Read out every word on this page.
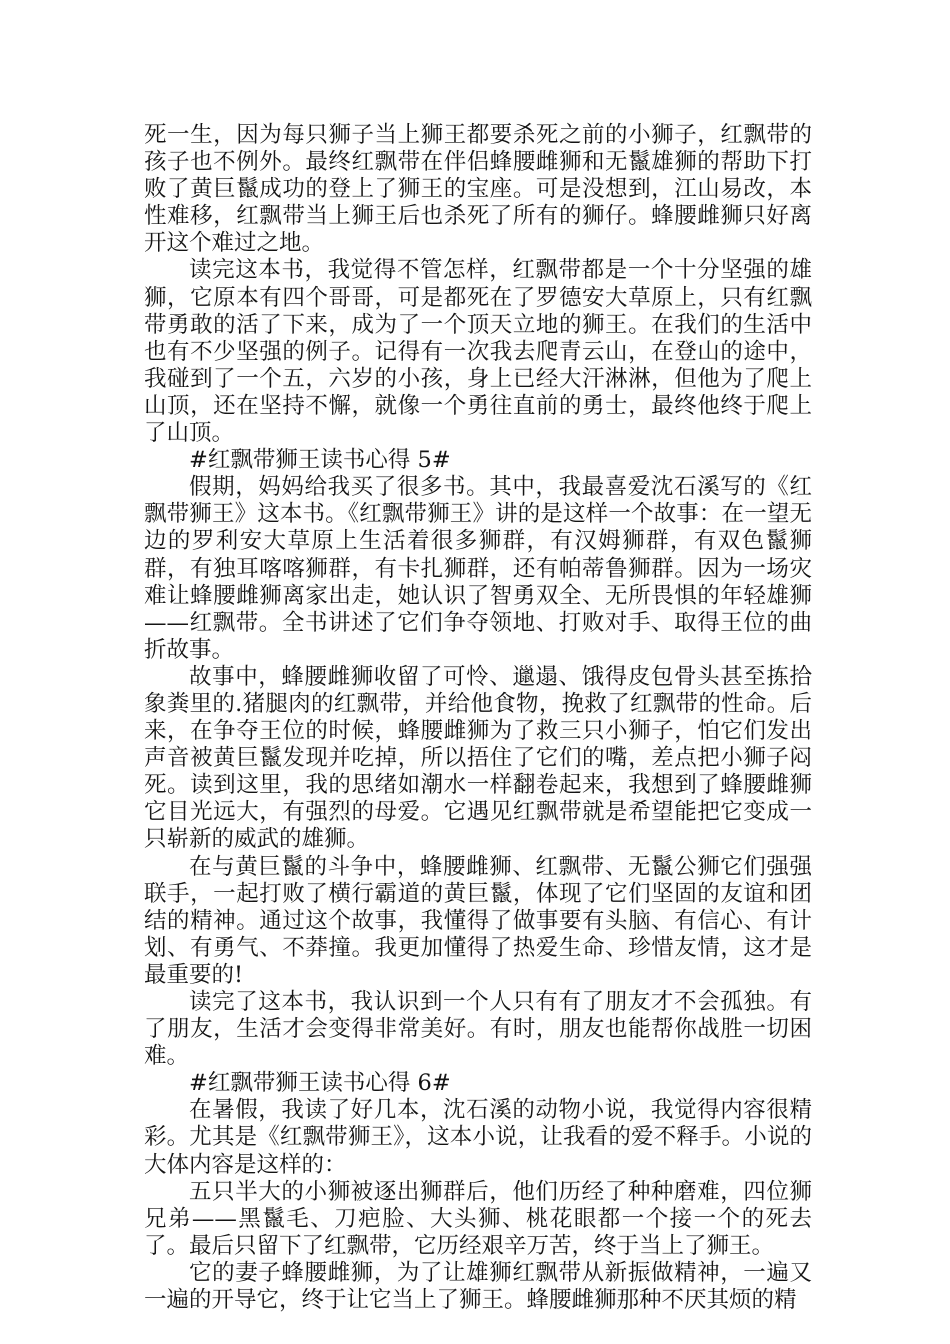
死一生，因为每只狮子当上狮王都要杀死之前的小狮子，红飘带的孩子也不例外。最终红飘带在伴侣蜂腰雌狮和无鬣雄狮的帮助下打败了黄巨鬣成功的登上了狮王的宝座。可是没想到，江山易改，本性难移，红飘带当上狮王后也杀死了所有的狮仔。蜂腰雌狮只好离开这个难过之地。

读完这本书，我觉得不管怎样，红飘带都是一个十分坚强的雄狮，它原本有四个哥哥，可是都死在了罗德安大草原上，只有红飘带勇敢的活了下来，成为了一个顶天立地的狮王。在我们的生活中也有不少坚强的例子。记得有一次我去爬青云山，在登山的途中，我碰到了一个五，六岁的小孩，身上已经大汗淋淋，但他为了爬上山顶，还在坚持不懈，就像一个勇往直前的勇士，最终他终于爬上了山顶。

#红飘带狮王读书心得 5#

假期，妈妈给我买了很多书。其中，我最喜爱沈石溪写的《红飘带狮王》这本书。《红飘带狮王》讲的是这样一个故事：在一望无边的罗利安大草原上生活着很多狮群，有汉姆狮群，有双色鬣狮群，有独耳喀喀狮群，有卡扎狮群，还有帕蒂鲁狮群。因为一场灾难让蜂腰雌狮离家出走，她认识了智勇双全、无所畏惧的年轻雄狮——红飘带。全书讲述了它们争夺领地、打败对手、取得王位的曲折故事。

故事中，蜂腰雌狮收留了可怜、邋遢、饿得皮包骨头甚至拣拾象粪里的.猪腿肉的红飘带，并给他食物，挽救了红飘带的性命。后来，在争夺王位的时候，蜂腰雌狮为了救三只小狮子，怕它们发出声音被黄巨鬣发现并吃掉，所以捂住了它们的嘴，差点把小狮子闷死。读到这里，我的思绪如潮水一样翻卷起来，我想到了蜂腰雌狮它目光远大，有强烈的母爱。它遇见红飘带就是希望能把它变成一只崭新的威武的雄狮。

在与黄巨鬣的斗争中，蜂腰雌狮、红飘带、无鬣公狮它们强强联手，一起打败了横行霸道的黄巨鬣，体现了它们坚固的友谊和团结的精神。通过这个故事，我懂得了做事要有头脑、有信心、有计划、有勇气、不莽撞。我更加懂得了热爱生命、珍惜友情，这才是最重要的!

读完了这本书，我认识到一个人只有有了朋友才不会孤独。有了朋友，生活才会变得非常美好。有时，朋友也能帮你战胜一切困难。

#红飘带狮王读书心得 6#

在暑假，我读了好几本，沈石溪的动物小说，我觉得内容很精彩。尤其是《红飘带狮王》，这本小说，让我看的爱不释手。小说的大体内容是这样的：

五只半大的小狮被逐出狮群后，他们历经了种种磨难，四位狮兄弟——黑鬣毛、刀疤脸、大头狮、桃花眼都一个接一个的死去了。最后只留下了红飘带，它历经艰辛万苦，终于当上了狮王。

它的妻子蜂腰雌狮，为了让雄狮红飘带从新振做精神，一遍又一遍的开导它，终于让它当上了狮王。蜂腰雌狮那种不厌其烦的精
